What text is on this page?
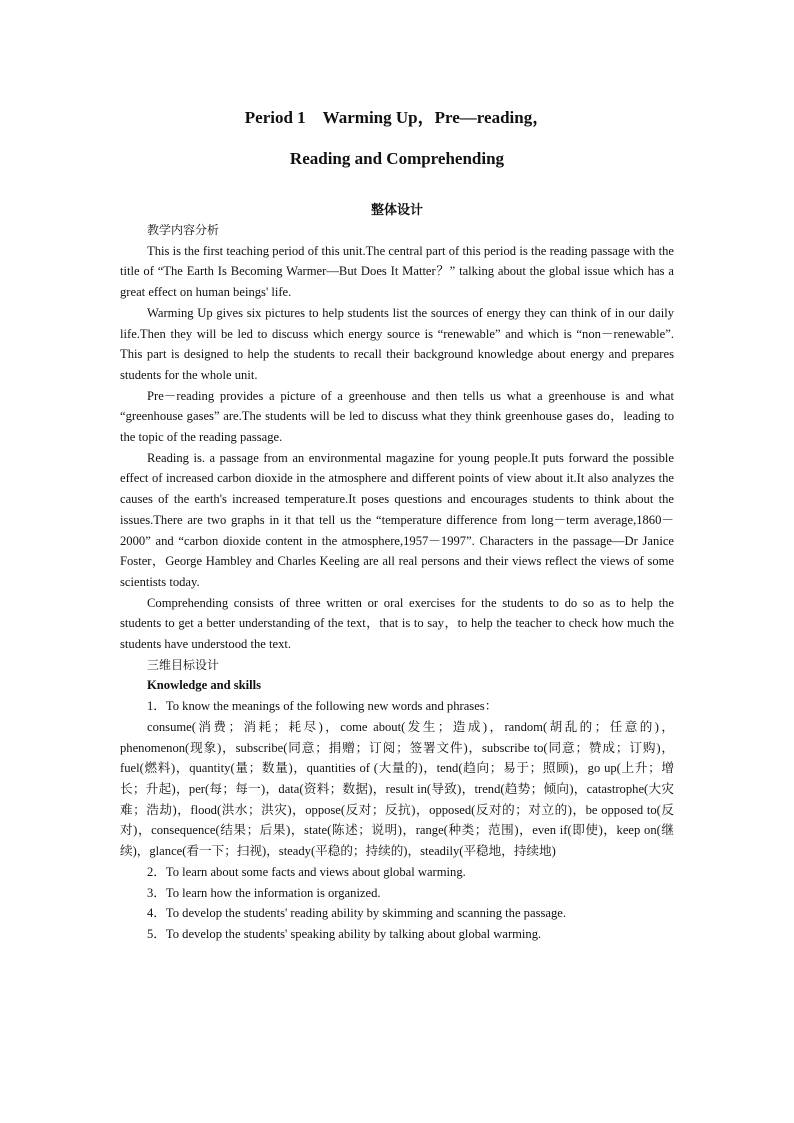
Period 1　Warming Up，Pre—reading，
Reading and Comprehending
整体设计
教学内容分析

This is the first teaching period of this unit.The central part of this period is the reading passage with the title of “The Earth Is Becoming Warmer—But Does It Matter？” talking about the global issue which has a great effect on human beings' life.

Warming Up gives six pictures to help students list the sources of energy they can think of in our daily life.Then they will be led to discuss which energy source is “renewable” and which is “non－renewable”. This part is designed to help the students to recall their background knowledge about energy and prepares students for the whole unit.

Pre－reading provides a picture of a greenhouse and then tells us what a greenhouse is and what “greenhouse gases” are.The students will be led to discuss what they think greenhouse gases do，leading to the topic of the reading passage.

Reading is. a passage from an environmental magazine for young people.It puts forward the possible effect of increased carbon dioxide in the atmosphere and different points of view about it.It also analyzes the causes of the earth's increased temperature.It poses questions and encourages students to think about the issues.There are two graphs in it that tell us the “temperature difference from long－term average,1860－2000” and “carbon dioxide content in the atmosphere,1957－1997”. Characters in the passage—Dr Janice Foster，George Hambley and Charles Keeling are all real persons and their views reflect the views of some scientists today.

Comprehending consists of three written or oral exercises for the students to do so as to help the students to get a better understanding of the text，that is to say，to help the teacher to check how much the students have understood the text.

三维目标设计
Knowledge and skills

1．To know the meanings of the following new words and phrases：

consume(消费；消耗；耗尽)，come about(发生；造成)，random(胡乱的；任意的)，phenomenon(现象)，subscribe(同意；捐赠；订阅；签署文件)，subscribe to(同意；赞成；订购)，fuel(燃料)，quantity(量；数量)，quantities of (大量的)，tend(趋向；易于；照顾)，go up(上升；增长；升起)，per(每；每一)，data(资料；数据)，result in(导致)，trend(趋势；倾向)，catastrophe(大灾难；浩劫)，flood(洪水；洪灾)，oppose(反对；反抗)，opposed(反对的；对立的)，be opposed to(反对)，consequence(结果；后果)，state(陈述；说明)，range(种类；范围)，even if(即使)，keep on(继续)，glance(看一下；扫视)，steady(平稳的；持续的)，steadily(平稳地，持续地)

2．To learn about some facts and views about global warming.

3．To learn how the information is organized.

4．To develop the students' reading ability by skimming and scanning the passage.

5．To develop the students' speaking ability by talking about global warming.
